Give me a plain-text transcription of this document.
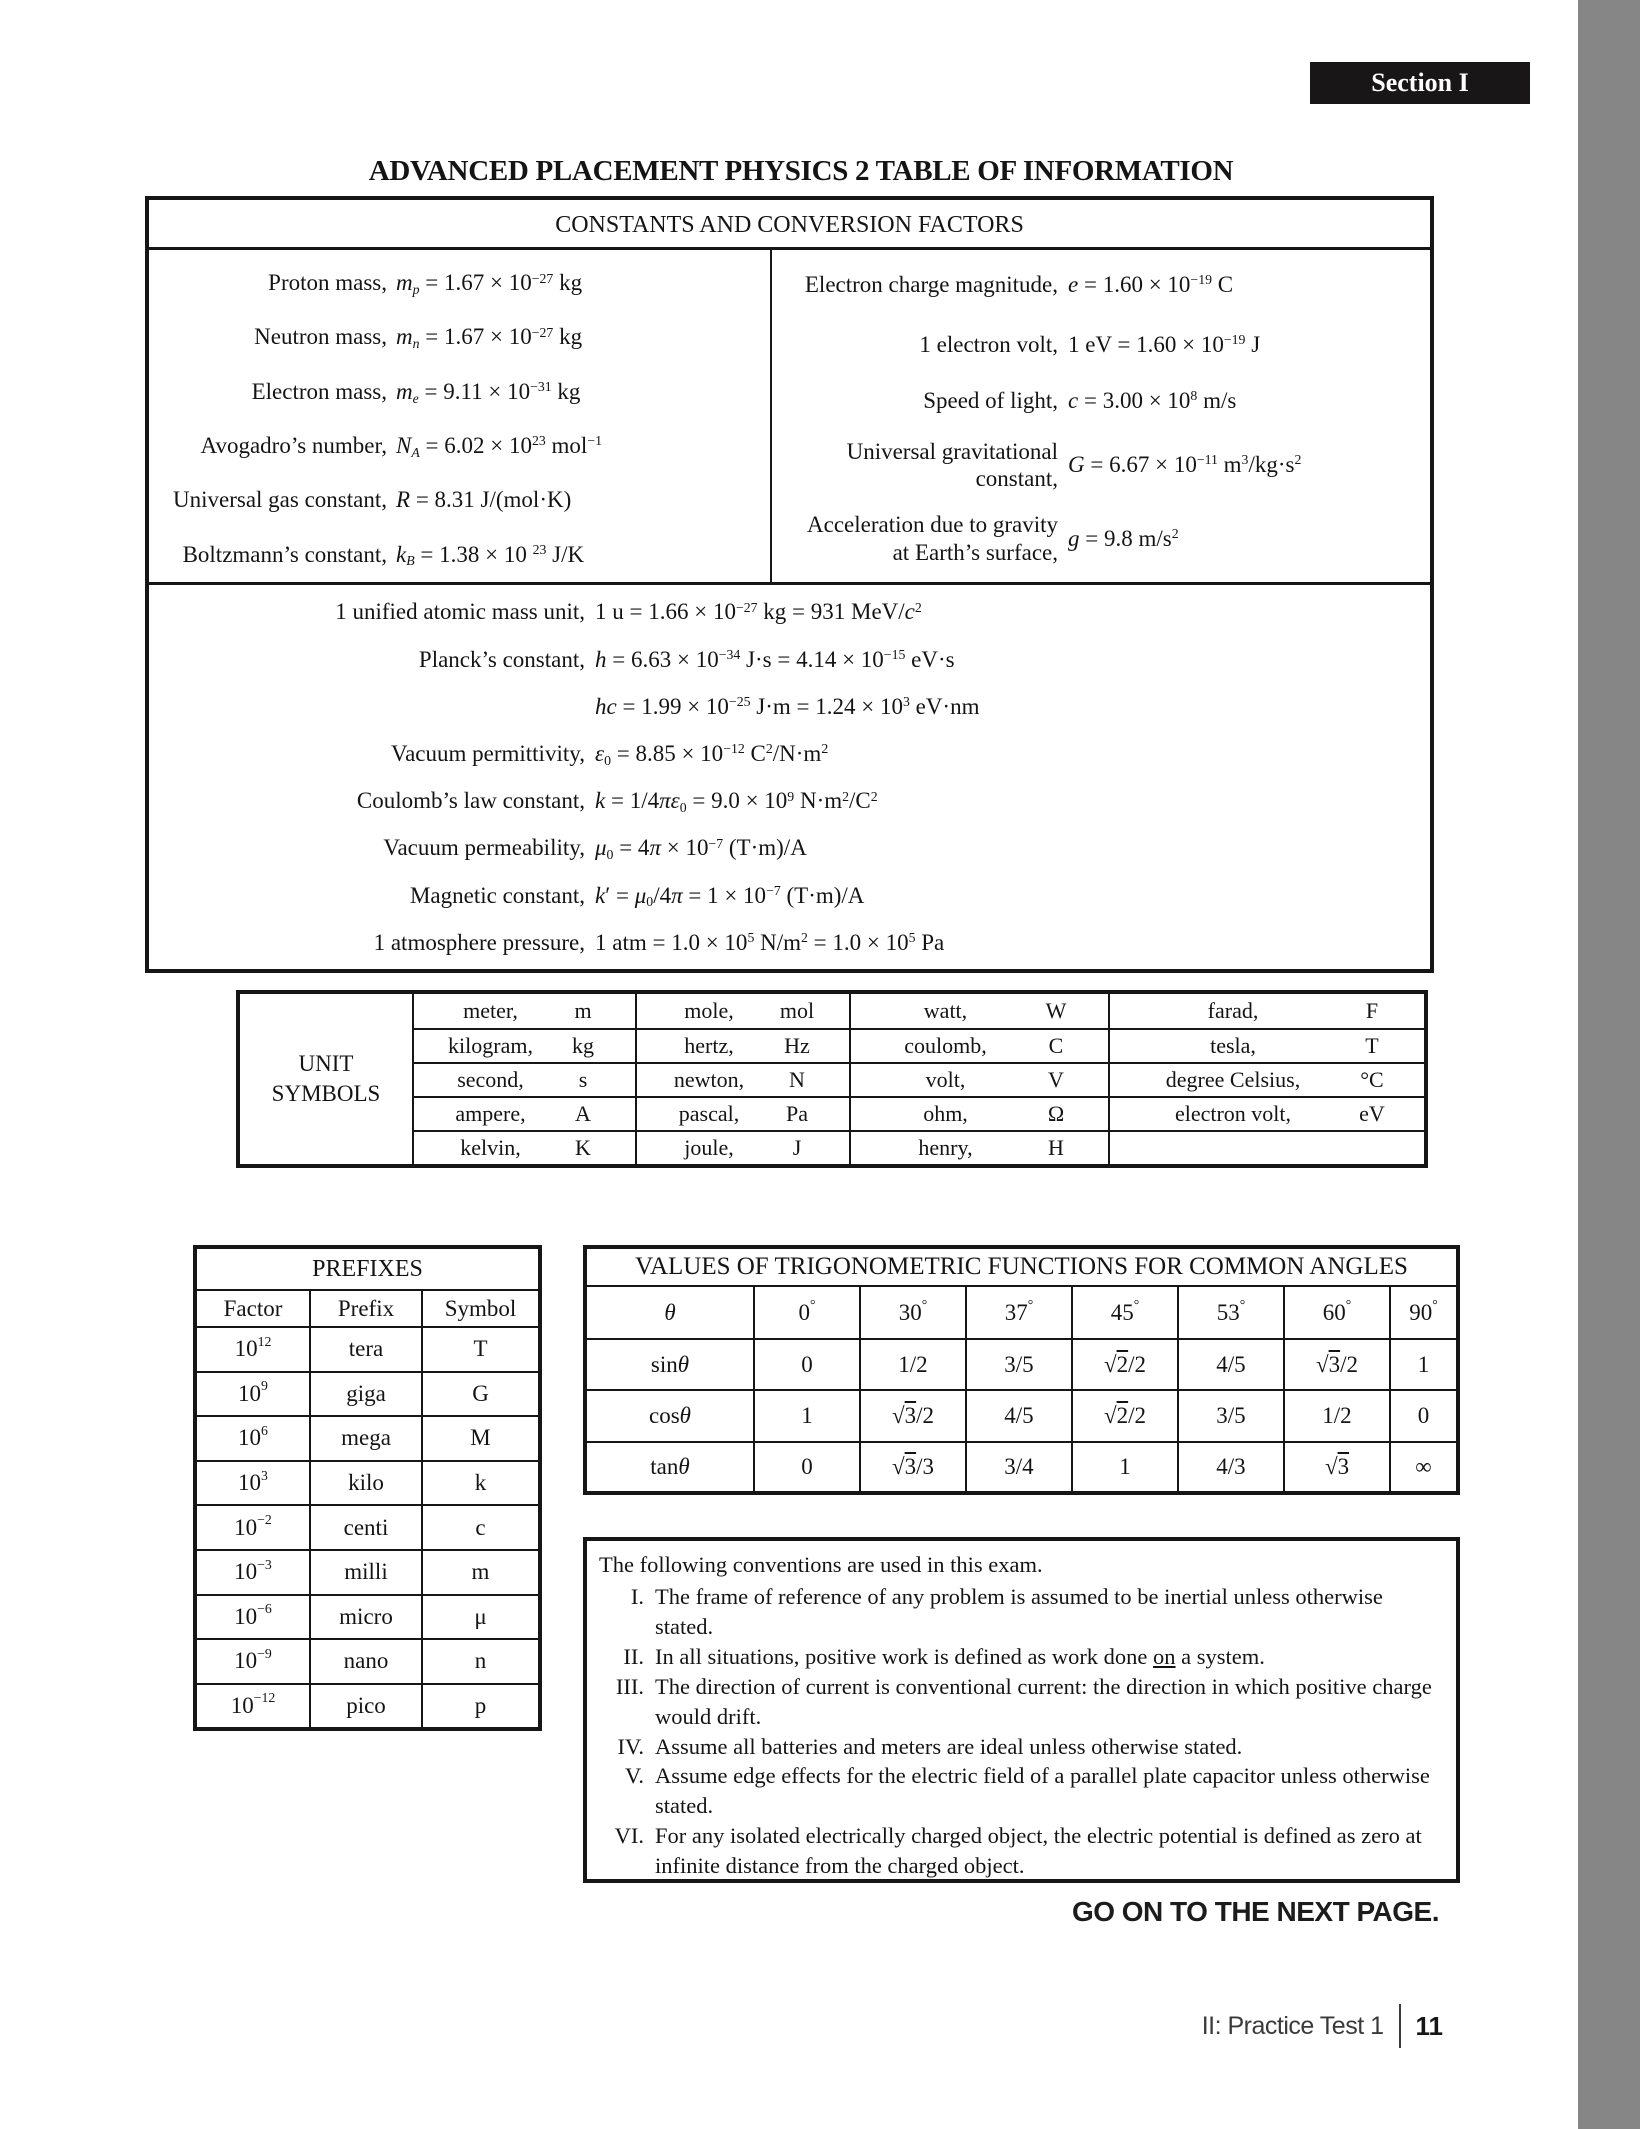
Section I
ADVANCED PLACEMENT PHYSICS 2 TABLE OF INFORMATION
CONSTANTS AND CONVERSION FACTORS
Proton mass, $m_p = 1.67 \times 10^{-27}$ kg
Neutron mass, $m_n = 1.67 \times 10^{-27}$ kg
Electron mass, $m_e = 9.11 \times 10^{-31}$ kg
Avogadro’s number, $N_A = 6.02 \times 10^{23}$ mol$^{-1}$
Universal gas constant, R = 8.31 J/(mol·K)
Boltzmann’s constant, $k_B = 1.38 \times 10$ $^{23}$ J/K
Electron charge magnitude, $e = 1.60 \times 10^{-19}$ C
1 electron volt, 1 eV = $1.60 \times 10^{-19}$ J
Speed of light, $c = 3.00 \times 10^8$ m/s
Universal gravitational
constant,
$G = 6.67 \times 10^{-11}$ $m^3/kg\cdot s^2$
Acceleration due to gravity
at Earth’s surface,
g = 9.8 $m/s^2$
1 unified atomic mass unit, 1 $u = 1.66 \times 10^{-27}$ kg = 931 MeV/$c^2$
Planck’s constant, $h = 6.63 \times 10^{-34}$ $J\cdot s = 4.14 \times 10^{-15}$ eV·s
hc = $1.99 \times 10^{-25}$ $J\cdot m = 1.24 \times 10^3$ eV·nm
Vacuum permittivity, $\varepsilon_0 = 8.85 \times 10^{-12}$ $C^2/N\cdot m^2$
Coulomb’s law constant, $k = 1/4\pi\varepsilon_0 = 9.0 \times 10^9$ $N\cdot m^2/C^2$
Vacuum permeability, $\mu_0 = 4\pi \times 10^{-7}$ (T·m)/A
Magnetic constant, $k' = \mu_0/4\pi = 1 \times 10^{-7}$ (T·m)/A
1 atmosphere pressure, 1 atm = $1.0 \times 10^5$ $N/m^2 = 1.0 \times 10^5$ Pa
UNIT
SYMBOLS
meter,	m	mole,	mol	watt,	W	farad,	F
kilogram,	kg	hertz,	Hz	coulomb,	C	tesla,	T
second,	s	newton,	N	volt,	V	degree Celsius,	°C
ampere,	A	pascal,	Pa	ohm,	Ω	electron volt,	eV
kelvin,	K	joule,	J	henry,	H
PREFIXES
Factor	Prefix	Symbol
$10^{12}$	tera	T
$10^9$	giga	G
$10^6$	mega	M
$10^3$	kilo	k
$10^{-2}$	centi	c
$10^{-3}$	milli	m
$10^{-6}$	micro	μ
$10^{-9}$	nano	n
$10^{-12}$	pico	p
VALUES OF TRIGONOMETRIC FUNCTIONS FOR COMMON ANGLES
θ	0°	30°	37°	45°	53°	60°	90°
sin θ	0	1/2	3/5	√ 2 /2	4/5	√ 3 /2	1
cos θ	1	√ 3 /2	4/5	√ 2 /2	3/5	1/2	0
tan θ	0	√ 3 /3	3/4	1	4/3	√ 3	∞
The following conventions are used in this exam.
I. The frame of reference of any problem is assumed to be inertial unless otherwise stated.
II. In all situations, positive work is defined as work done on a system.
III. The direction of current is conventional current: the direction in which positive charge would drift.
IV. Assume all batteries and meters are ideal unless otherwise stated.
V. Assume edge effects for the electric field of a parallel plate capacitor unless otherwise stated.
VI. For any isolated electrically charged object, the electric potential is defined as zero at infinite distance from the charged object.
GO ON TO THE NEXT PAGE.
II: Practice Test 1 11
